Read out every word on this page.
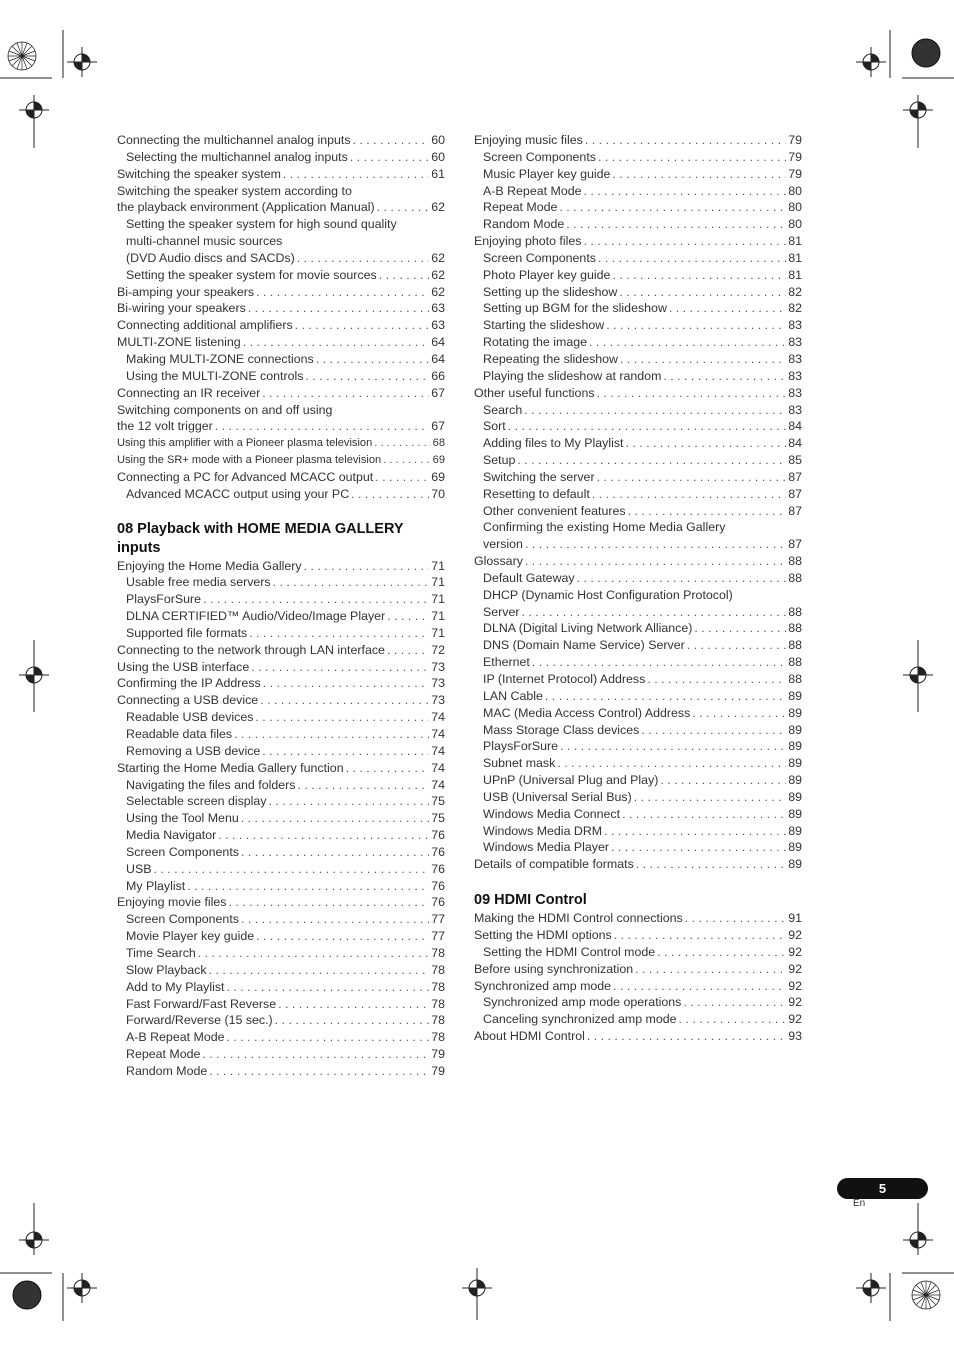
Connecting the multichannel analog inputs . . .	60
Selecting the multichannel analog inputs . . .	60
Switching the speaker system . . .	61
Switching the speaker system according to
the playback environment (Application Manual) . . .	62
Setting the speaker system for high sound quality
multi-channel music sources
(DVD Audio discs and SACDs) . . .	62
Setting the speaker system for movie sources . . .	62
Bi-amping your speakers . . .	62
Bi-wiring your speakers . . .	63
Connecting additional amplifiers . . .	63
MULTI-ZONE listening . . .	64
Making MULTI-ZONE connections . . .	64
Using the MULTI-ZONE controls . . .	66
Connecting an IR receiver . . .	67
Switching components on and off using
the 12 volt trigger . . .	67
Using this amplifier with a Pioneer plasma television . . .	68
Using the SR+ mode with a Pioneer plasma television . . .	69
Connecting a PC for Advanced MCACC output . . .	69
Advanced MCACC output using your PC . . .	70
08 Playback with HOME MEDIA GALLERY inputs
Enjoying the Home Media Gallery . . .	71
Usable free media servers . . .	71
PlaysForSure . . .	71
DLNA CERTIFIED™ Audio/Video/Image Player . . .	71
Supported file formats . . .	71
Connecting to the network through LAN interface . . .	72
Using the USB interface . . .	73
Confirming the IP Address . . .	73
Connecting a USB device . . .	73
Readable USB devices . . .	74
Readable data files . . .	74
Removing a USB device . . .	74
Starting the Home Media Gallery function . . .	74
Navigating the files and folders . . .	74
Selectable screen display . . .	75
Using the Tool Menu . . .	75
Media Navigator . . .	76
Screen Components . . .	76
USB . . .	76
My Playlist . . .	76
Enjoying movie files . . .	76
Screen Components . . .	77
Movie Player key guide . . .	77
Time Search . . .	78
Slow Playback . . .	78
Add to My Playlist . . .	78
Fast Forward/Fast Reverse . . .	78
Forward/Reverse (15 sec.) . . .	78
A-B Repeat Mode . . .	78
Repeat Mode . . .	79
Random Mode . . .	79
Enjoying music files . . .	79
Screen Components . . .	79
Music Player key guide . . .	79
A-B Repeat Mode . . .	80
Repeat Mode . . .	80
Random Mode . . .	80
Enjoying photo files . . .	81
Screen Components . . .	81
Photo Player key guide . . .	81
Setting up the slideshow . . .	82
Setting up BGM for the slideshow . . .	82
Starting the slideshow . . .	83
Rotating the image . . .	83
Repeating the slideshow . . .	83
Playing the slideshow at random . . .	83
Other useful functions . . .	83
Search . . .	83
Sort . . .	84
Adding files to My Playlist . . .	84
Setup . . .	85
Switching the server . . .	87
Resetting to default . . .	87
Other convenient features . . .	87
Confirming the existing Home Media Gallery
version . . .	87
Glossary . . .	88
Default Gateway . . .	88
DHCP (Dynamic Host Configuration Protocol)
Server . . .	88
DLNA (Digital Living Network Alliance) . . .	88
DNS (Domain Name Service) Server . . .	88
Ethernet . . .	88
IP (Internet Protocol) Address . . .	88
LAN Cable . . .	89
MAC (Media Access Control) Address . . .	89
Mass Storage Class devices . . .	89
PlaysForSure . . .	89
Subnet mask . . .	89
UPnP (Universal Plug and Play) . . .	89
USB (Universal Serial Bus) . . .	89
Windows Media Connect . . .	89
Windows Media DRM . . .	89
Windows Media Player . . .	89
Details of compatible formats . . .	89
09 HDMI Control
Making the HDMI Control connections . . .	91
Setting the HDMI options . . .	92
Setting the HDMI Control mode . . .	92
Before using synchronization . . .	92
Synchronized amp mode . . .	92
Synchronized amp mode operations . . .	92
Canceling synchronized amp mode . . .	92
About HDMI Control . . .	93
5
En
